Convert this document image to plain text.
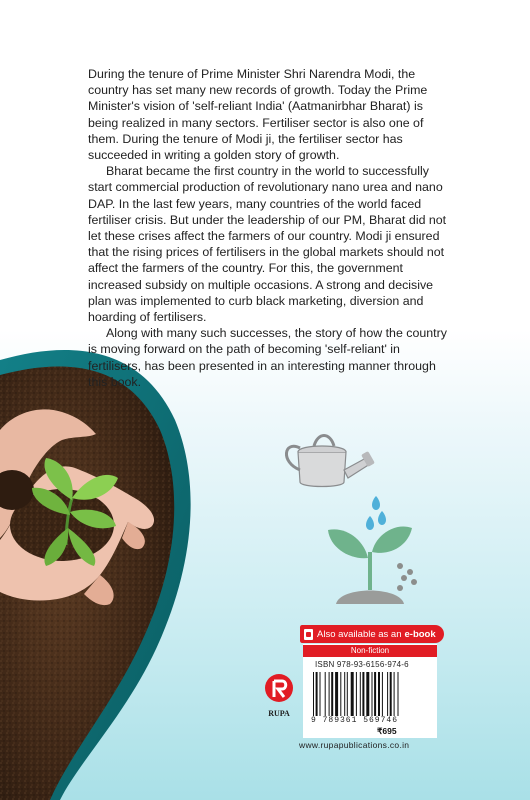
During the tenure of Prime Minister Shri Narendra Modi, the country has set many new records of growth. Today the Prime Minister's vision of 'self-reliant India' (Aatmanirbhar Bharat) is being realized in many sectors. Fertiliser sector is also one of them. During the tenure of Modi ji, the fertiliser sector has succeeded in writing a golden story of growth.

Bharat became the first country in the world to successfully start commercial production of revolutionary nano urea and nano DAP. In the last few years, many countries of the world faced fertiliser crisis. But under the leadership of our PM, Bharat did not let these crises affect the farmers of our country. Modi ji ensured that the rising prices of fertilisers in the global markets should not affect the farmers of the country. For this, the government increased subsidy on multiple occasions. A strong and decisive plan was implemented to curb black marketing, diversion and hoarding of fertilisers.

Along with many such successes, the story of how the country is moving forward on the path of becoming 'self-reliant' in fertilisers, has been presented in an interesting manner through this book.

Also available as an e-book
Non-fiction
ISBN 978-93-6156-974-6
9 789361 569746
₹695
RUPA
www.rupapublications.co.in
